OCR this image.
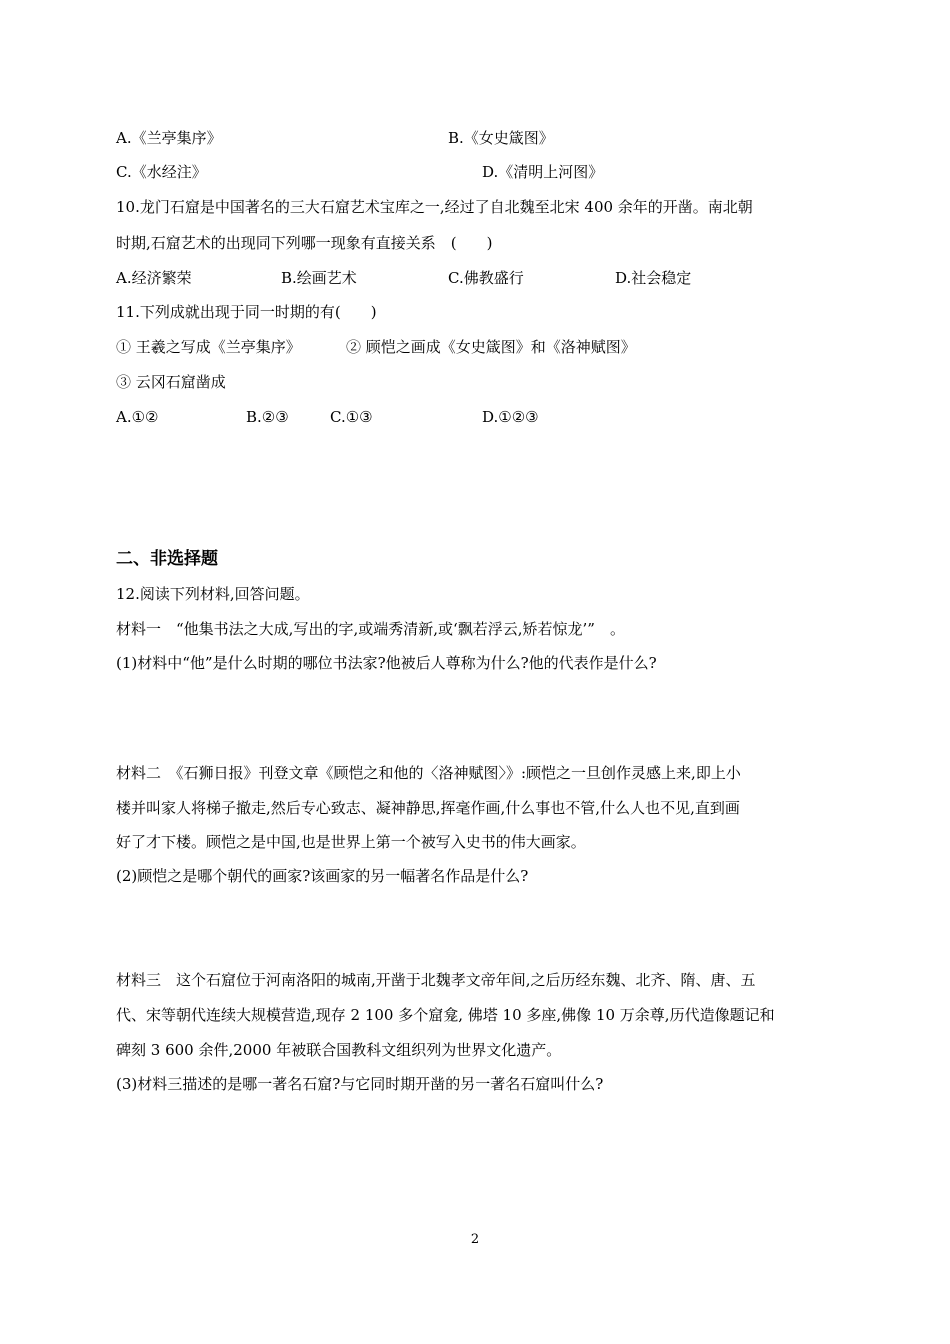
A.《兰亭集序》	B.《女史箴图》
C.《水经注》	D.《清明上河图》
10.龙门石窟是中国著名的三大石窟艺术宝库之一,经过了自北魏至北宋 400 余年的开凿。南北朝
时期,石窟艺术的出现同下列哪一现象有直接关系　(　　)
A.经济繁荣	B.绘画艺术	C.佛教盛行	D.社会稳定
11.下列成就出现于同一时期的有(　　)
① 王羲之写成《兰亭集序》	② 顾恺之画成《女史箴图》和《洛神赋图》
③ 云冈石窟凿成
A.①②	B.②③	C.①③	D.①②③
二、非选择题
12.阅读下列材料,回答问题。
材料一　“他集书法之大成,写出的字,或端秀清新,或‘飘若浮云,矫若惊龙’”　。
(1)材料中“他”是什么时期的哪位书法家?他被后人尊称为什么?他的代表作是什么?
材料二　《石狮日报》刊登文章《顾恺之和他的〈洛神赋图〉》:顾恺之一旦创作灵感上来,即上小
楼并叫家人将梯子撤走,然后专心致志、凝神静思,挥毫作画,什么事也不管,什么人也不见,直到画
好了才下楼。顾恺之是中国,也是世界上第一个被写入史书的伟大画家。
(2)顾恺之是哪个朝代的画家?该画家的另一幅著名作品是什么?
材料三　这个石窟位于河南洛阳的城南,开凿于北魏孝文帝年间,之后历经东魏、北齐、隋、唐、五
代、宋等朝代连续大规模营造,现存 2 100 多个窟龛, 佛塔 10 多座,佛像 10 万余尊,历代造像题记和
碑刻 3 600 余件,2000 年被联合国教科文组织列为世界文化遗产。
(3)材料三描述的是哪一著名石窟?与它同时期开凿的另一著名石窟叫什么?
2
